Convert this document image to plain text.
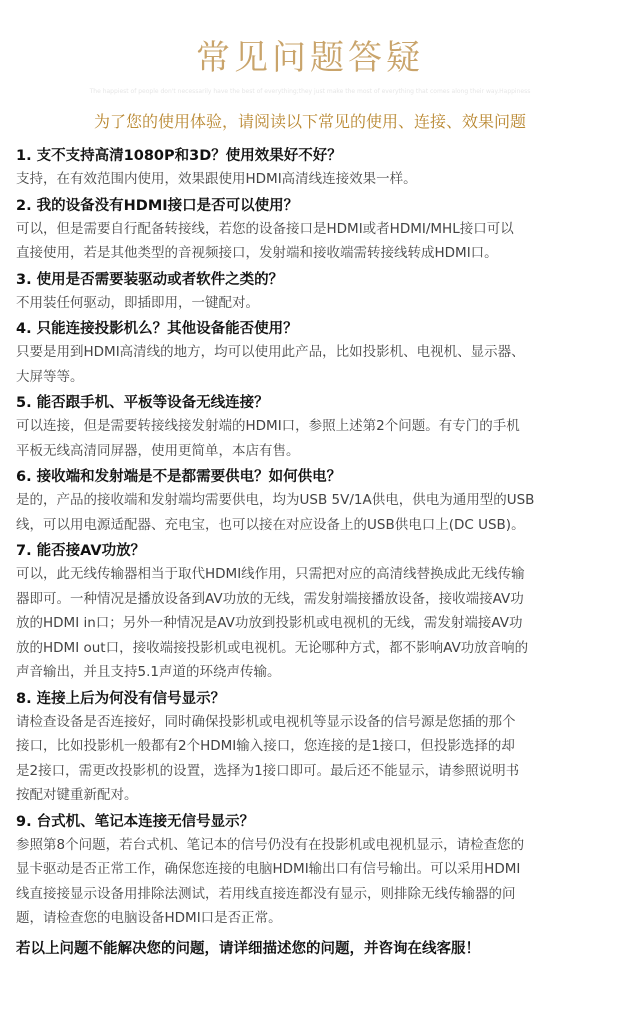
常见问题答疑
The happiest of people don't necessarily have the best of everything;they just make the most of everything that comes along their way.Happiness
为了您的使用体验，请阅读以下常见的使用、连接、效果问题
1. 支不支持高清1080P和3D？使用效果好不好？
支持，在有效范围内使用，效果跟使用HDMI高清线连接效果一样。
2. 我的设备没有HDMI接口是否可以使用？
可以，但是需要自行配备转接线，若您的设备接口是HDMI或者HDMI/MHL接口可以
直接使用，若是其他类型的音视频接口，发射端和接收端需转接线转成HDMI口。
3. 使用是否需要装驱动或者软件之类的？
不用装任何驱动，即插即用，一键配对。
4. 只能连接投影机么？其他设备能否使用？
只要是用到HDMI高清线的地方，均可以使用此产品，比如投影机、电视机、显示器、
大屏等等。
5. 能否跟手机、平板等设备无线连接？
可以连接，但是需要转接线接发射端的HDMI口，参照上述第2个问题。有专门的手机
平板无线高清同屏器，使用更简单，本店有售。
6. 接收端和发射端是不是都需要供电？如何供电？
是的，产品的接收端和发射端均需要供电，均为USB 5V/1A供电，供电为通用型的USB
线，可以用电源适配器、充电宝，也可以接在对应设备上的USB供电口上(DC USB)。
7. 能否接AV功放？
可以，此无线传输器相当于取代HDMI线作用，只需把对应的高清线替换成此无线传输
器即可。一种情况是播放设备到AV功放的无线，需发射端接播放设备，接收端接AV功
放的HDMI in口；另外一种情况是AV功放到投影机或电视机的无线，需发射端接AV功
放的HDMI out口，接收端接投影机或电视机。无论哪种方式，都不影响AV功放音响的
声音输出，并且支持5.1声道的环绕声传输。
8. 连接上后为何没有信号显示？
请检查设备是否连接好，同时确保投影机或电视机等显示设备的信号源是您插的那个
接口，比如投影机一般都有2个HDMI输入接口，您连接的是1接口，但投影选择的却
是2接口，需更改投影机的设置，选择为1接口即可。最后还不能显示，请参照说明书
按配对键重新配对。
9. 台式机、笔记本连接无信号显示？
参照第8个问题，若台式机、笔记本的信号仍没有在投影机或电视机显示，请检查您的
显卡驱动是否正常工作，确保您连接的电脑HDMI输出口有信号输出。可以采用HDMI
线直接接显示设备用排除法测试，若用线直接连都没有显示，则排除无线传输器的问
题，请检查您的电脑设备HDMI口是否正常。
若以上问题不能解决您的问题，请详细描述您的问题，并咨询在线客服！
